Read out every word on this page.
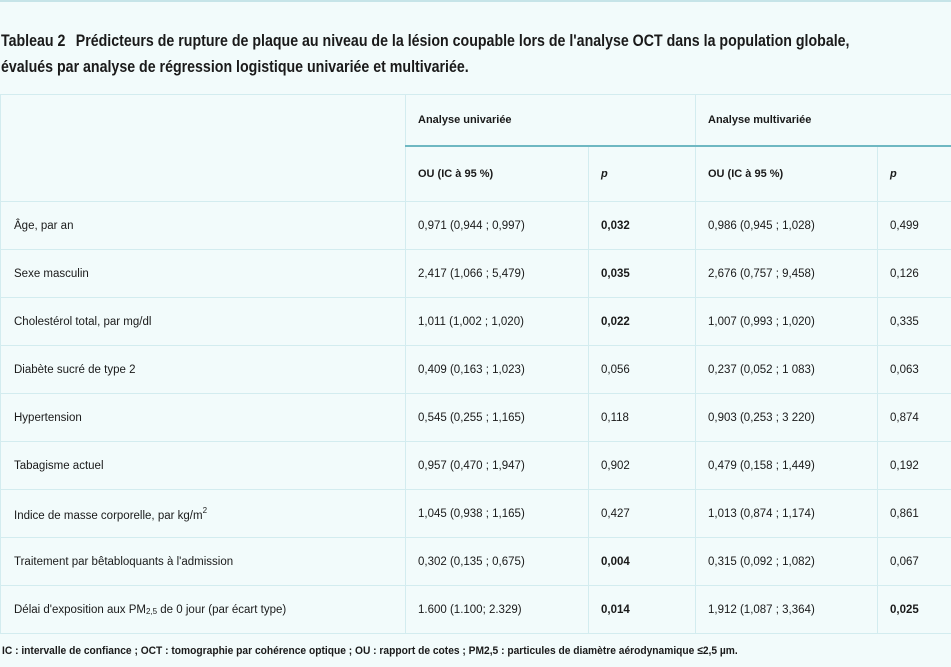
Tableau 2 Prédicteurs de rupture de plaque au niveau de la lésion coupable lors de l'analyse OCT dans la population globale,
évalués par analyse de régression logistique univariée et multivariée.
	Analyse univariée		Analyse multivariée	
	OU (IC à 95 %)	p	OU (IC à 95 %)	p
Âge, par an	0,971 (0,944 ; 0,997)	0,032	0,986 (0,945 ; 1,028)	0,499
Sexe masculin	2,417 (1,066 ; 5,479)	0,035	2,676 (0,757 ; 9,458)	0,126
Cholestérol total, par mg/dl	1,011 (1,002 ; 1,020)	0,022	1,007 (0,993 ; 1,020)	0,335
Diabète sucré de type 2	0,409 (0,163 ; 1,023)	0,056	0,237 (0,052 ; 1 083)	0,063
Hypertension	0,545 (0,255 ; 1,165)	0,118	0,903 (0,253 ; 3 220)	0,874
Tabagisme actuel	0,957 (0,470 ; 1,947)	0,902	0,479 (0,158 ; 1,449)	0,192
Indice de masse corporelle, par $kg/m^2$	1,045 (0,938 ; 1,165)	0,427	1,013 (0,874 ; 1,174)	0,861
Traitement par bêtabloquants à l'admission	0,302 (0,135 ; 0,675)	0,004	0,315 (0,092 ; 1,082)	0,067
Délai d'exposition aux $PM_{2,5}$ de 0 jour (par écart type)	1.600 (1.100; 2.329)	0,014	1,912 (1,087 ; 3,364)	0,025
IC : intervalle de confiance ; OCT : tomographie par cohérence optique ; OU : rapport de cotes ; PM2,5 : particules de diamètre aérodynamique ≤2,5 µm.
